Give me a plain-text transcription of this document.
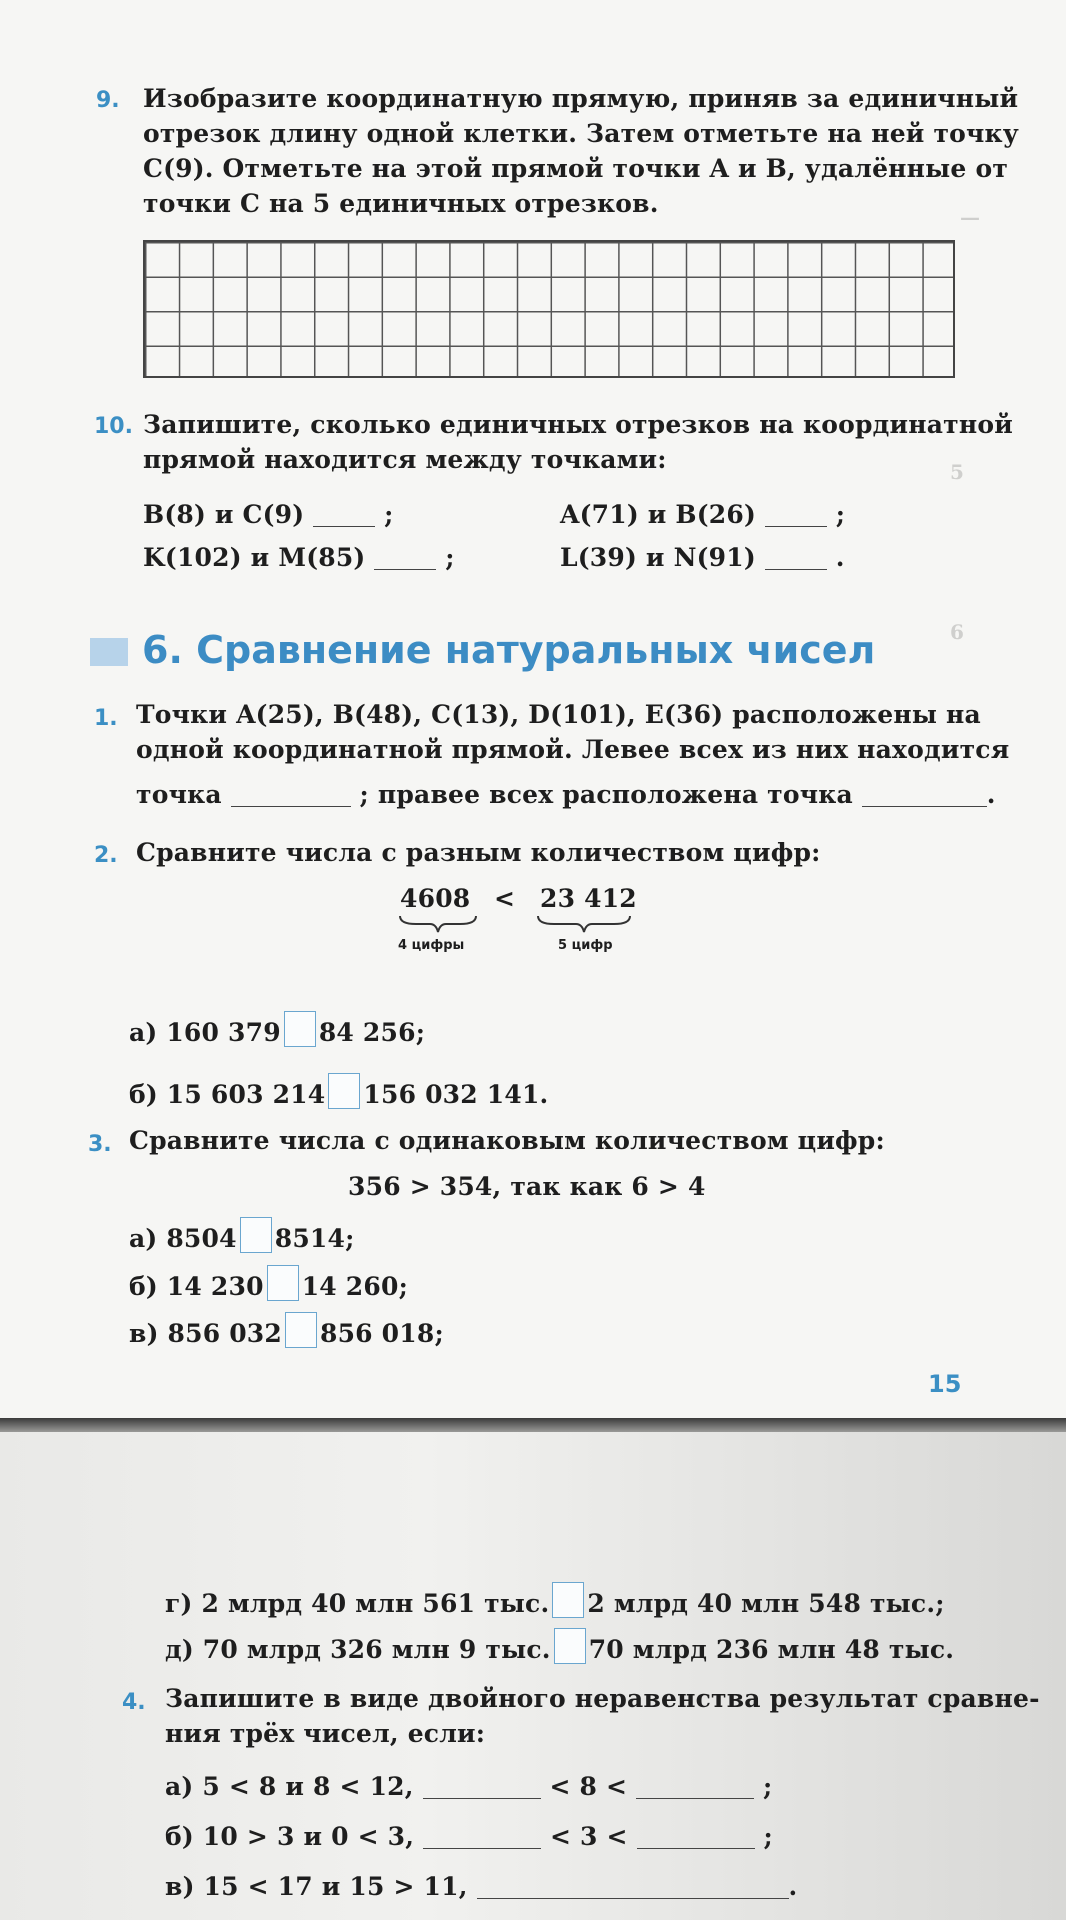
—
5
6
9. Изобразите координатную прямую, приняв за единичный
отрезок длину одной клетки. Затем отметьте на ней точку
C(9). Отметьте на этой прямой точки A и B, удалённые от
точки C на 5 единичных отрезков.
10. Запишите, сколько единичных отрезков на координатной
прямой находится между точками:
B(8) и C(9)	;	A(71) и B(26)	;
K(102) и M(85)	;	L(39) и N(91)	.
6. Сравнение натуральных чисел
1. Точки A(25), B(48), C(13), D(101), E(36) расположены на
одной координатной прямой. Левее всех из них находится
точка	; правее всех расположена точка	.
2. Сравните числа с разным количеством цифр:
4608 < 23 412
4 цифры	5 цифр
а) 160 379 84 256;
б) 15 603 214 156 032 141.
3. Сравните числа с одинаковым количеством цифр:
356 > 354, так как 6 > 4
а) 8504 8514;
б) 14 230 14 260;
в) 856 032 856 018;
15
г) 2 млрд 40 млн 561 тыс. 2 млрд 40 млн 548 тыс.;
д) 70 млрд 326 млн 9 тыс. 70 млрд 236 млн 48 тыс.
4. Запишите в виде двойного неравенства результат сравне-
ния трёх чисел, если:
а) 5 < 8 и 8 < 12,	< 8 <	;
б) 10 > 3 и 0 < 3,	< 3 <	;
в) 15 < 17 и 15 > 11,	.
